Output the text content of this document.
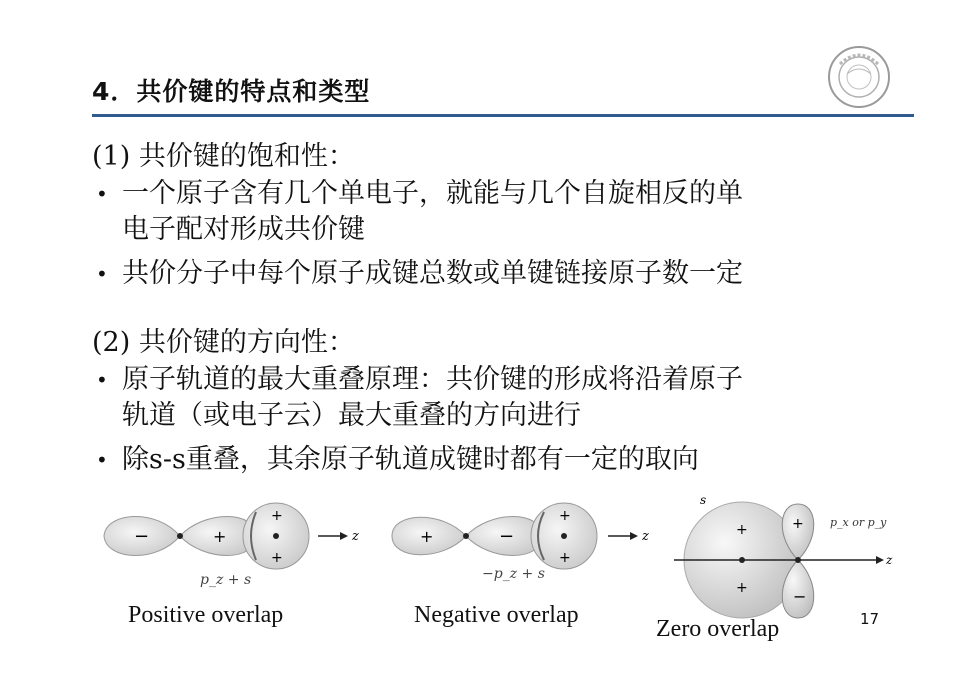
4．共价键的特点和类型
(1) 共价键的饱和性：
• 一个原子含有几个单电子，就能与几个自旋相反的单
电子配对形成共价键
• 共价分子中每个原子成键总数或单键链接原子数一定
(2) 共价键的方向性：
• 原子轨道的最大重叠原理：共价键的形成将沿着原子
轨道（或电子云）最大重叠的方向进行
• 除s-s重叠，其余原子轨道成键时都有一定的取向
−	+
+
+
z
p_z + s
Positive overlap
+	−
+
+
z
−p_z + s
Negative overlap
s
+
+
+
−
p_x or p_y
z
Zero overlap	17
